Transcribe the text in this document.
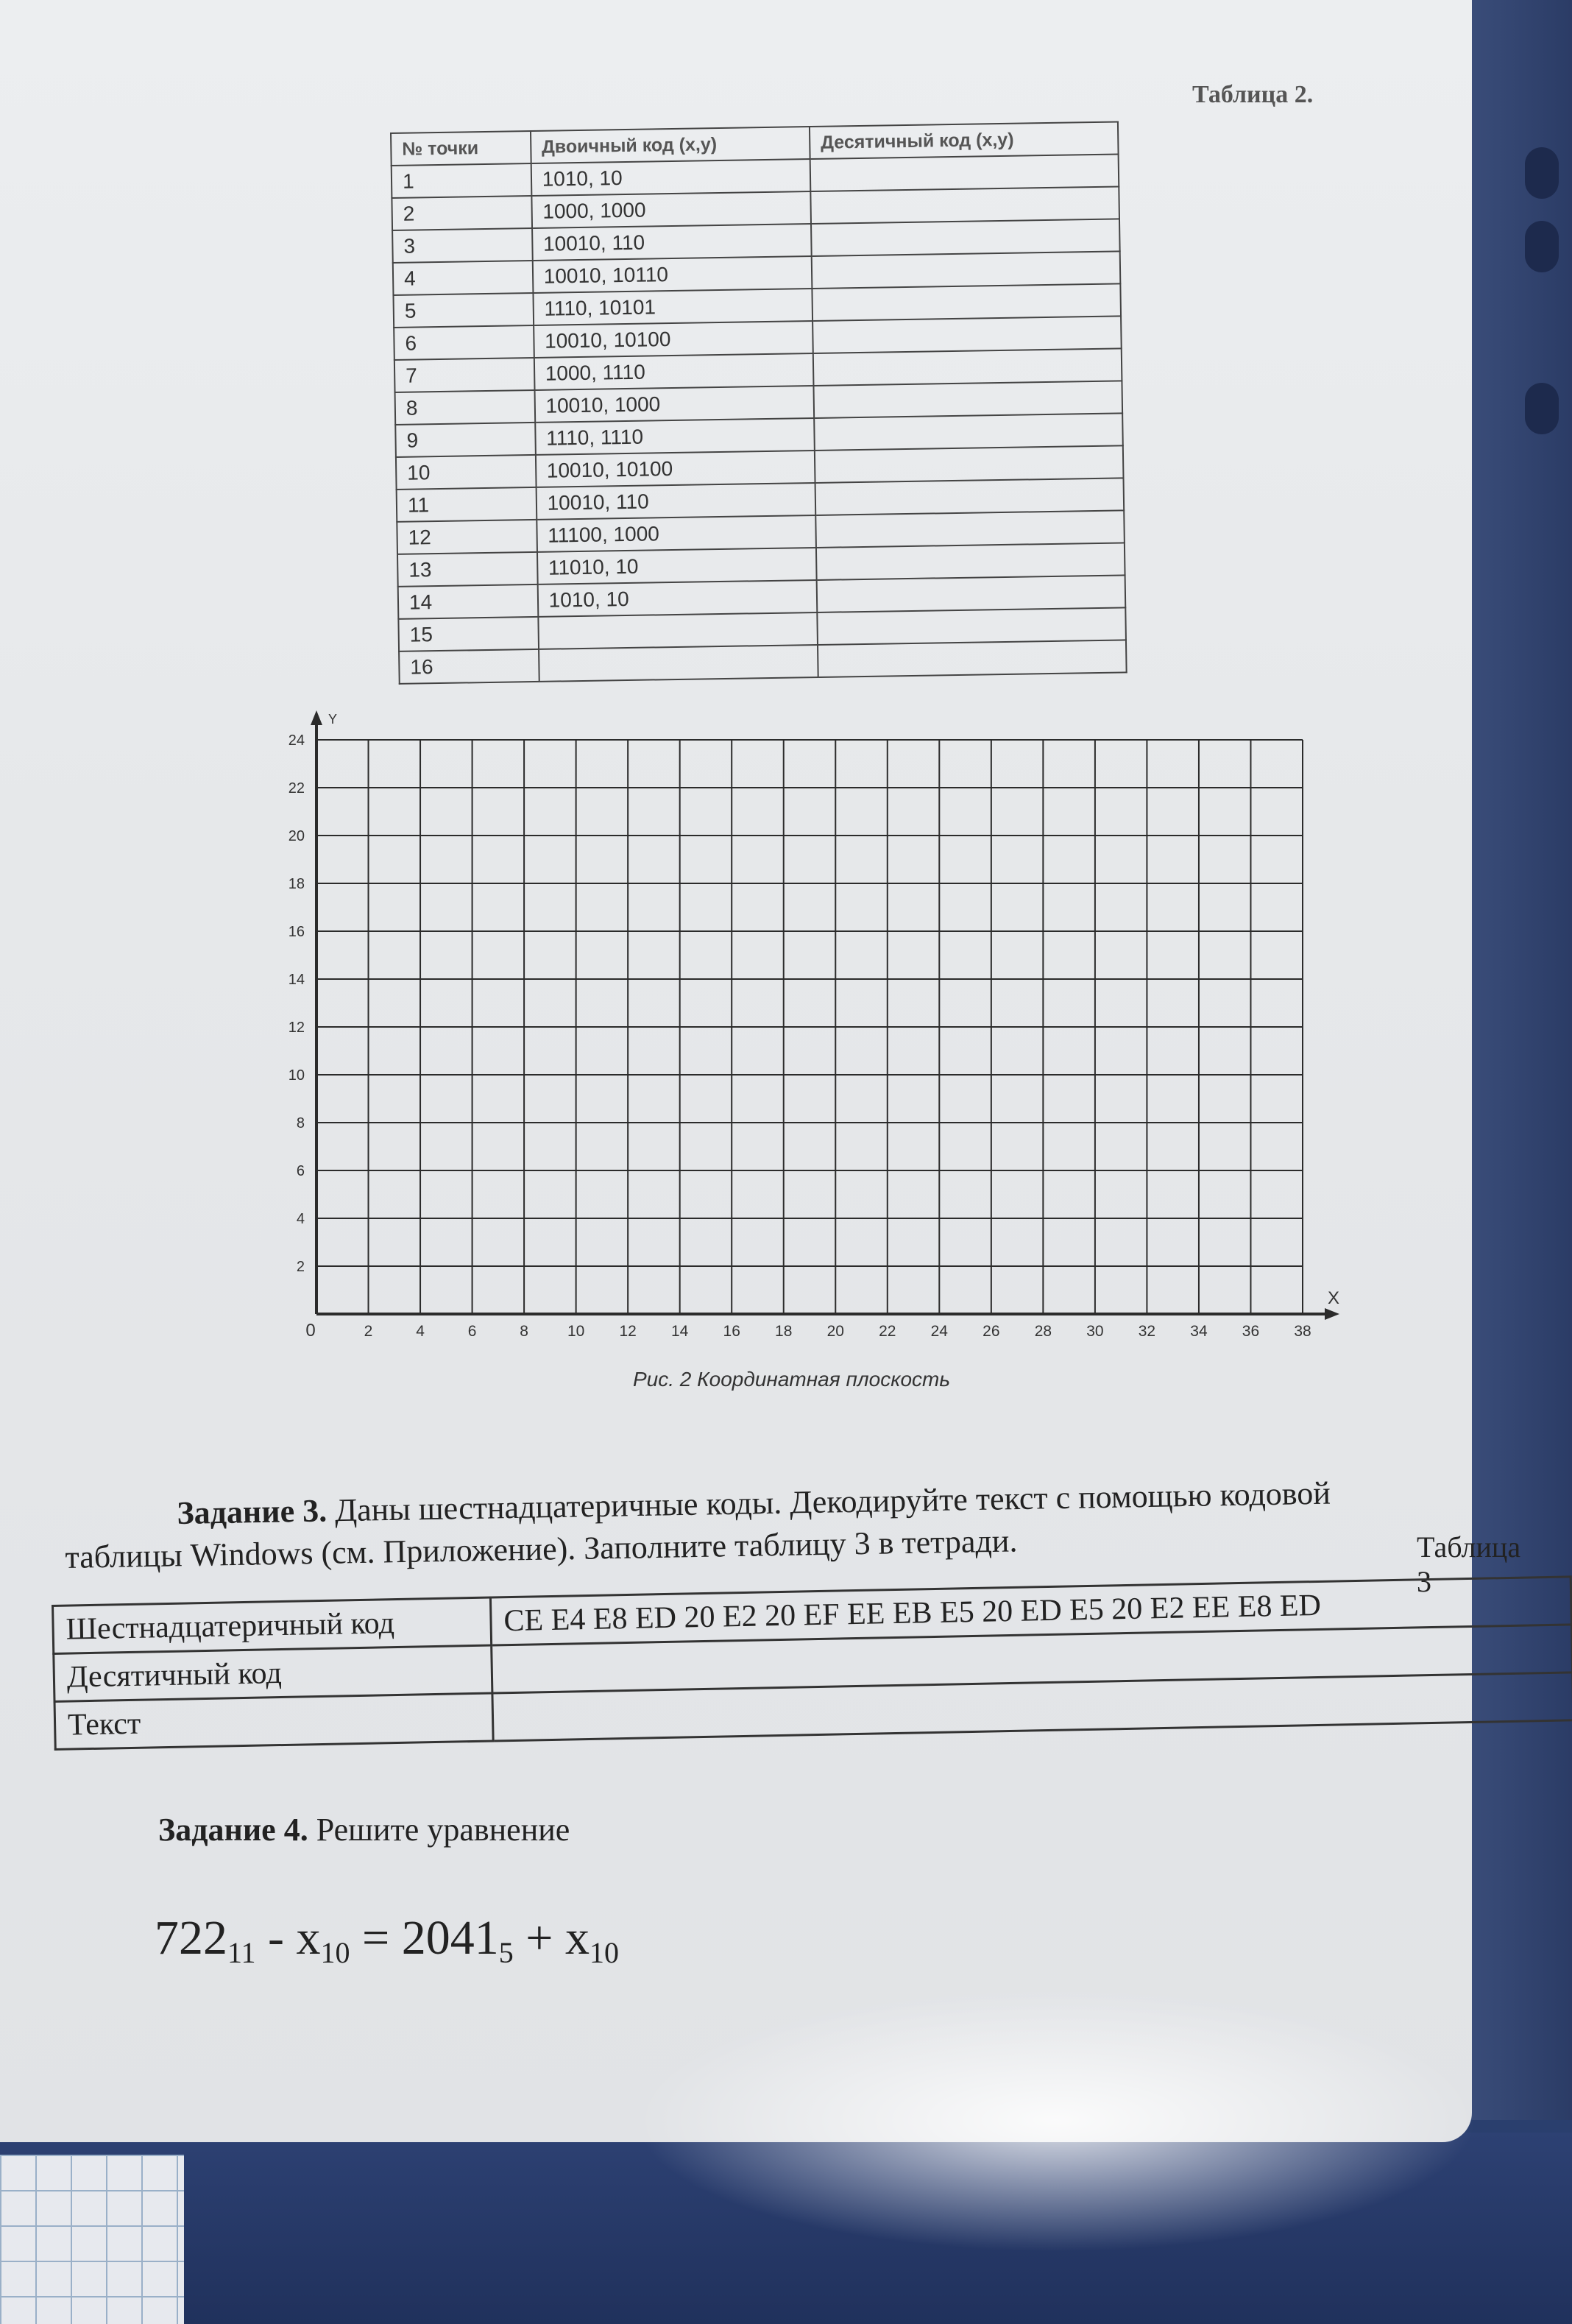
Таблица 2.
№ точки	Двоичный код (x,y)	Десятичный код (x,y)
1	1010, 10	
2	1000, 1000	
3	10010, 110	
4	10010, 10110	
5	1110, 10101	
6	10010, 10100	
7	1000, 1110	
8	10010, 1000	
9	1110, 1110	
10	10010, 10100	
11	10010, 110	
12	11100, 1000	
13	11010, 10	
14	1010, 10	
15		
16		
2	4	6	8	10 12 14 16 18 20 22 24 26 28 30 32 34 36 38
2
4
6
8
10
12
14
16
18
20
22
24
0
X
Y
Рис. 2 Координатная плоскость
Задание 3. Даны шестнадцатеричные коды. Декодируйте текст с помощью кодовой
таблицы Windows (см. Приложение). Заполните таблицу 3 в тетради.	Таблица 3
Шестнадцатеричный код	CE E4 E8 ED 20 E2 20 EF EE EB E5 20 ED E5 20 E2 EE E8 ED
Десятичный код	
Текст	
Задание 4. Решите уравнение
$722_{11} - x_{10} = 2041_5 + x_{10}$
